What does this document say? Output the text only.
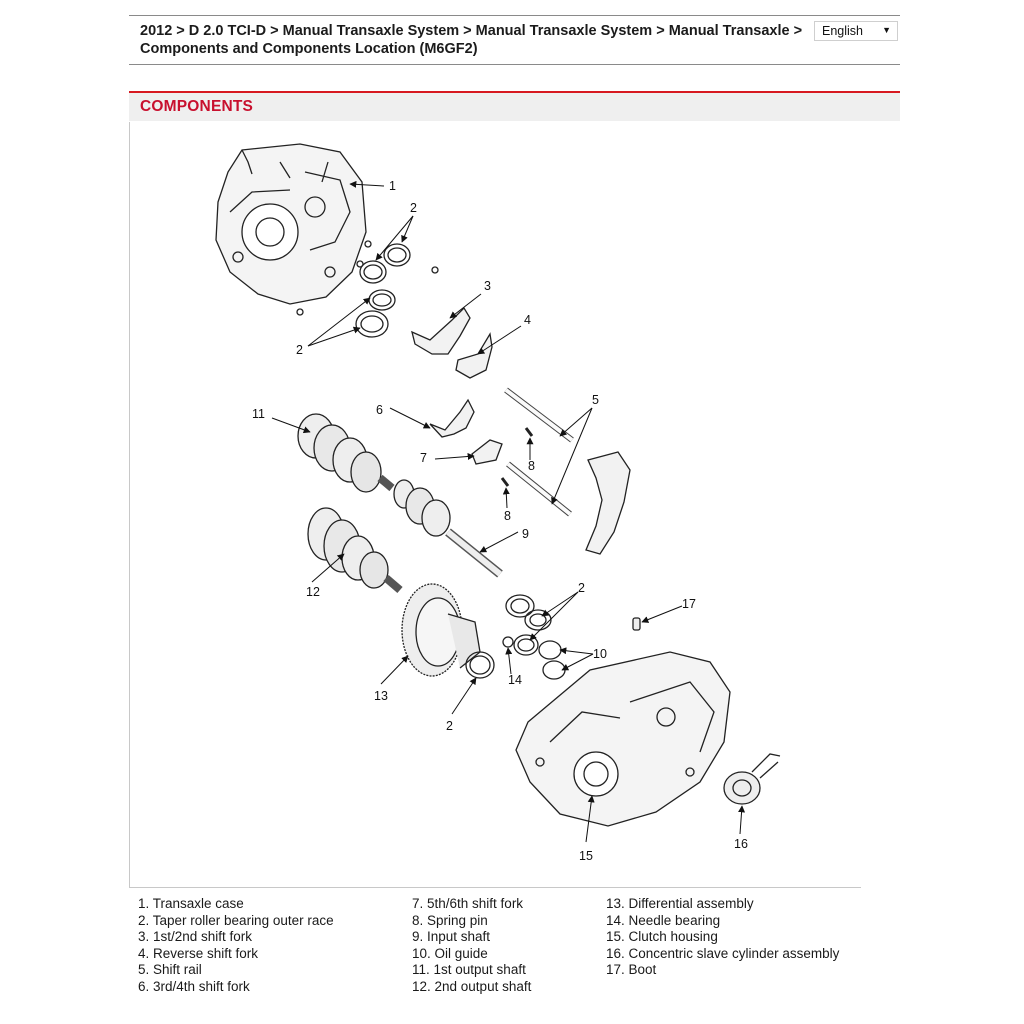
2012 > D 2.0 TCI-D > Manual Transaxle System > Manual Transaxle System > Manual Transaxle > Components and Components Location (M6GF2)
English ▼
COMPONENTS
1
2
2
3
4
5
6
7
8
8
9
10
11
12
13
14
2
2
15
16
17
1. Transaxle case
2. Taper roller bearing outer race
3. 1st/2nd shift fork
4. Reverse shift fork
5. Shift rail
6. 3rd/4th shift fork
7. 5th/6th shift fork
8. Spring pin
9. Input shaft
10. Oil guide
11. 1st output shaft
12. 2nd output shaft
13. Differential assembly
14. Needle bearing
15. Clutch housing
16. Concentric slave cylinder assembly
17. Boot
